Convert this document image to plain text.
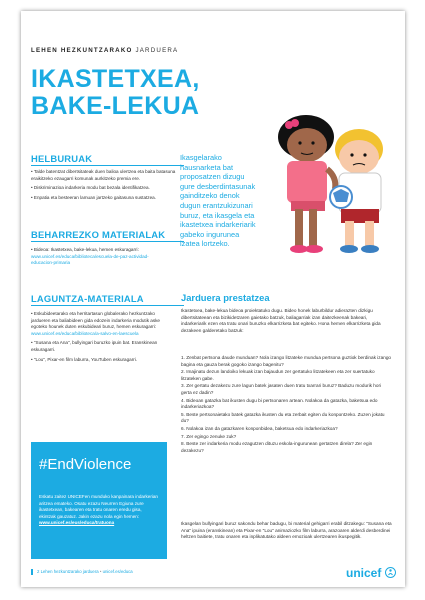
LEHEN HEZKUNTZARAKO JARDUERA
IKASTETXEA,
BAKE-LEKUA
HELBURUAK
• Talde batentzat dibertsitateak duen balioa ulertzea eta baita batasuna eraikitzeko ezaugarri komunak aurkitzeko premia ere.
• Diskriminazioa indarkeria modu bat bezala identifikatzea.
• Enpatia eta besteeran lamuan jartzeko gaitasuna sustatzea.
BEHARREZKO MATERIALAK
• Bideoa: Ikastetxea, bake-lekua, hemen eskuragarri: www.unicef.es/educa/biblioteca/escuela-de-paz-actividad-educacion-primaria
LAGUNTZA-MATERIALA
• Eskubideetarako eta herritartasun globalerako hezkuntzako jardueren eta baliabideen gida edozein indarkeria modutik aske egoteko hounek duten eskubideari buruz, hemen eskuragarri: www.unicef.es/educa/biblioteca/a-salvo-en-laescuela
• "Susana eta Ana", bullyingari buruzko ipuin bat. Eranskinean eskuragarri.
• "Lou", Pixar-en film laburra, YouTuben eskuragarri.
Ikasgelarako hausnarketa bat proposatzen dizugu gure desberdintasunak gainditzeko denok dugun erantzukizunari buruz, eta ikasgela eta ikastetxea indarkeriarik gabeko ingurunea izatea lortzeko.
Jarduera prestatzea
Ikastetxea, bake-lekua bideoa proiektatuko dugu. Bideo honek laburbildur adierazten dizkigu dibertsitateean eta bizikidetzaren gaietako batzuk, baliagarriak izan daitezkeenak bakeari, indarkeriarik ezen eta tratu onari buruzko elkarrizketa bat egiteko. Hona hemen elkarrizketa gida dezakeen galderetako batzuk:
1. Zenbat pertsona daude munduan? Nola izango litzateke mundua pertsona guztiok berdinak izango bagina eta gauza berak gogoko izango bagenitu?
2. Imajinatu dezun landoiko lekuak izan bajaudun zer gertatuko litzatekeen eta zer suertatuko litzateken gabe.
3. Zer gertatu dezakezu zure lagun batek jasaten duen tratu txarrari buruz? Baduzu modurik hori gerta ez dadin?
4. Bideoan gatazka bat ikusten dugu bi pertsonaren artean. Nolakoa da gatazka, baketsua edo indarkeriazkoa?
5. Beste pertsonaietako batek gatazka ikusten du eta zerbait egiten du konpontzeko. Zuzen jokatu du?
6. Nolakoa izan da gatazkaren konponbidea, baketsua edo indarkeriazkoa?
7. Zer egingo zenuke zuk?
8. Beste zer indarkeria modu ezagutzen dituzu eskola-ingurunean gertatzen direla? Zer egin dezakezu?
Ikasgelan bullyingari buruz sakondu behar badugu, bi material gehigarri erabil ditzakegu: "Susana eta Ana" ipuina (eranskinean) eta Pixar-en "Lou" animaziozko film laburra, arazoaren alderdi desberdinei heltzen baitiete, tratu onaren eta inplikatutako aldeen emozioak ulertzearen ikuspegitik.
#EndViolence
Eskatu zaitez UNICEFen munduko kanpainara indarkerian aritzea emateko. Osatu ezazu Neurren Egiuna zure ikastetxean, bakearen eta tratu onaren eredu gisa, ekintzak gauzatuz. Jakin ezazu nola egin hemen: www.unicef.es/eus/educa/tratuona
2 Lehen hezkuntzarako jarduera • unicef.es/educa	unicef
